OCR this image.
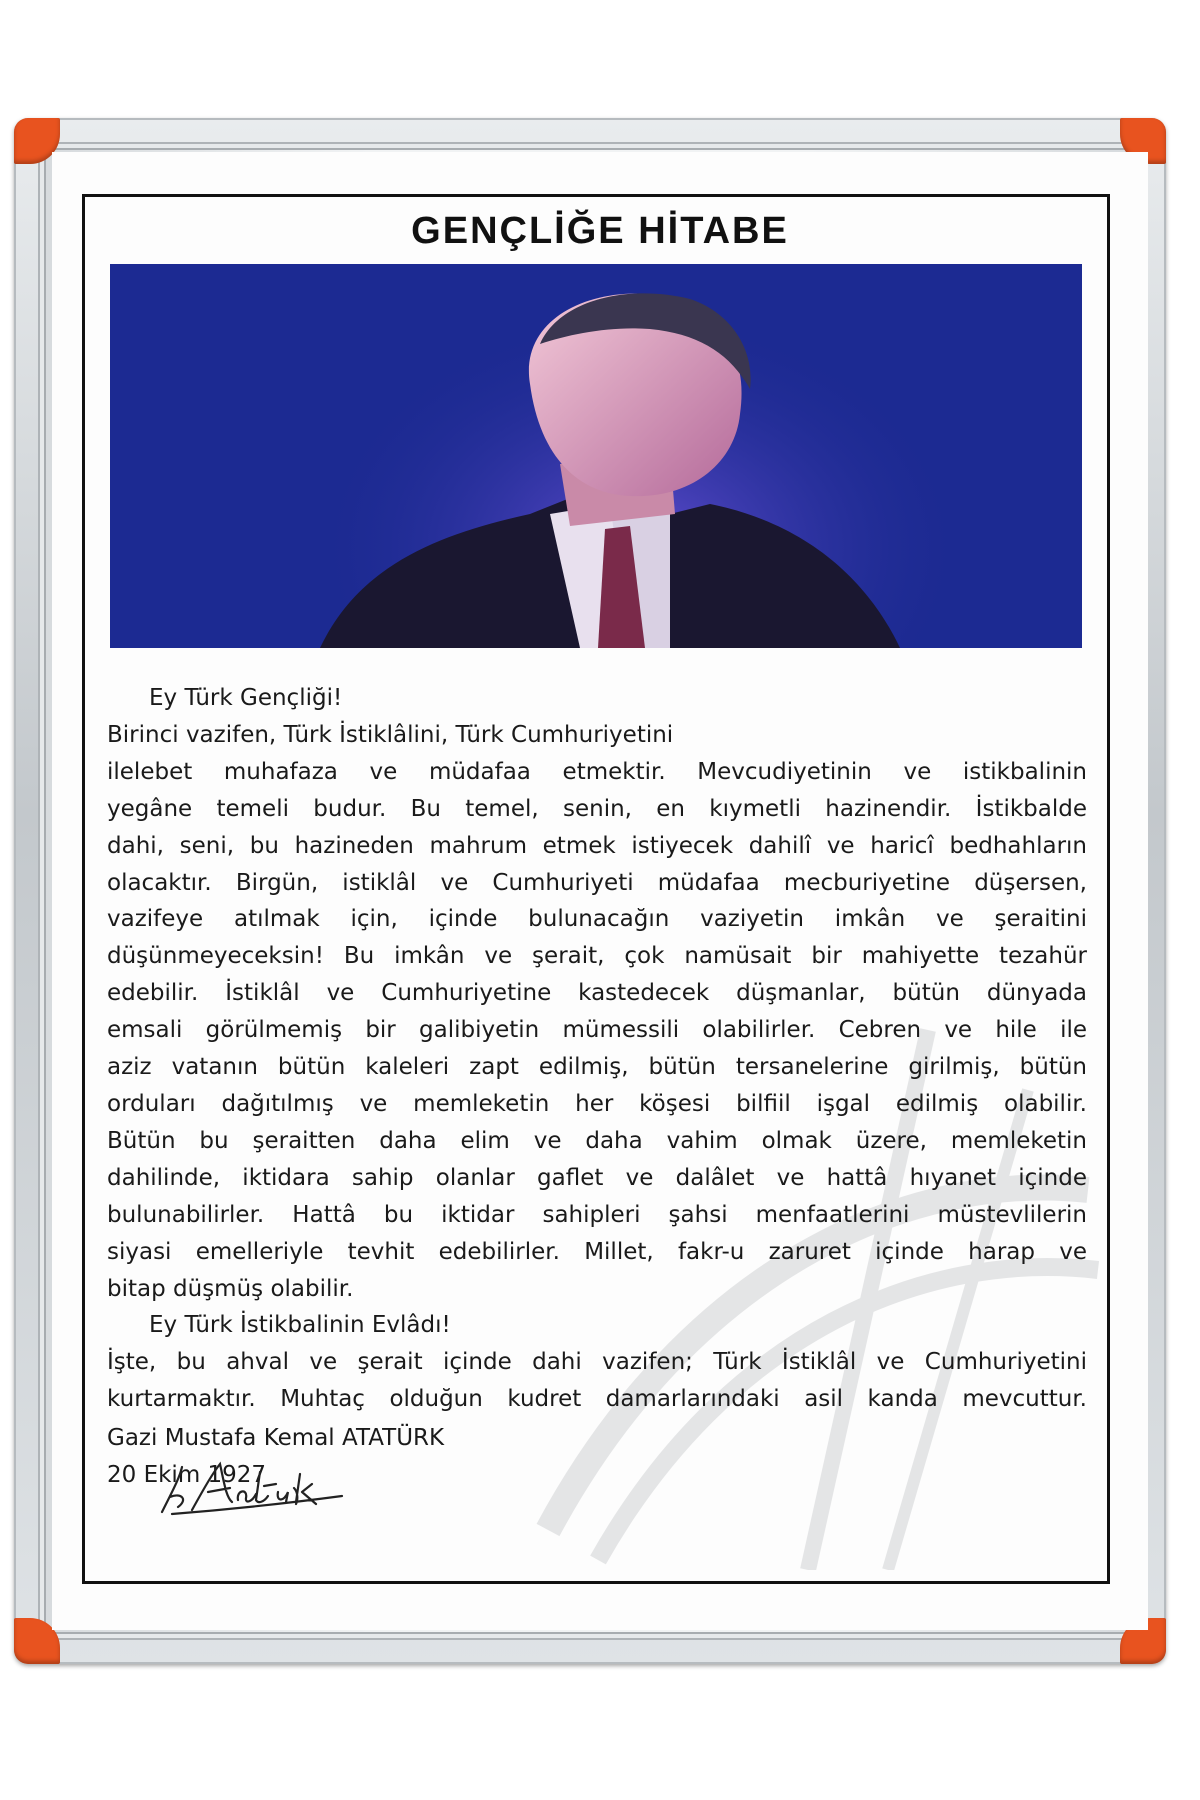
GENÇLİĞE HİTABE
Ey Türk Gençliği!
Birinci vazifen, Türk İstiklâlini, Türk Cumhuriyetini
ilelebet muhafaza ve müdafaa etmektir. Mevcudiyetinin ve istikbalinin
yegâne temeli budur. Bu temel, senin, en kıymetli hazinendir. İstikbalde
dahi, seni, bu hazineden mahrum etmek istiyecek dahilî ve haricî bedhahların
olacaktır. Birgün, istiklâl ve Cumhuriyeti müdafaa mecburiyetine düşersen,
vazifeye atılmak için, içinde bulunacağın vaziyetin imkân ve şeraitini
düşünmeyeceksin! Bu imkân ve şerait, çok namüsait bir mahiyette tezahür
edebilir. İstiklâl ve Cumhuriyetine kastedecek düşmanlar, bütün dünyada
emsali görülmemiş bir galibiyetin mümessili olabilirler. Cebren ve hile ile
aziz vatanın bütün kaleleri zapt edilmiş, bütün tersanelerine girilmiş, bütün
orduları dağıtılmış ve memleketin her köşesi bilfiil işgal edilmiş olabilir.
Bütün bu şeraitten daha elim ve daha vahim olmak üzere, memleketin
dahilinde, iktidara sahip olanlar gaflet ve dalâlet ve hattâ hıyanet içinde
bulunabilirler. Hattâ bu iktidar sahipleri şahsi menfaatlerini müstevlilerin
siyasi emelleriyle tevhit edebilirler. Millet, fakr-u zaruret içinde harap ve
bitap düşmüş olabilir.
Ey Türk İstikbalinin Evlâdı!
İşte, bu ahval ve şerait içinde dahi vazifen; Türk İstiklâl ve Cumhuriyetini
kurtarmaktır. Muhtaç olduğun kudret damarlarındaki asil kanda mevcuttur.
Gazi Mustafa Kemal ATATÜRK
20 Ekim 1927
